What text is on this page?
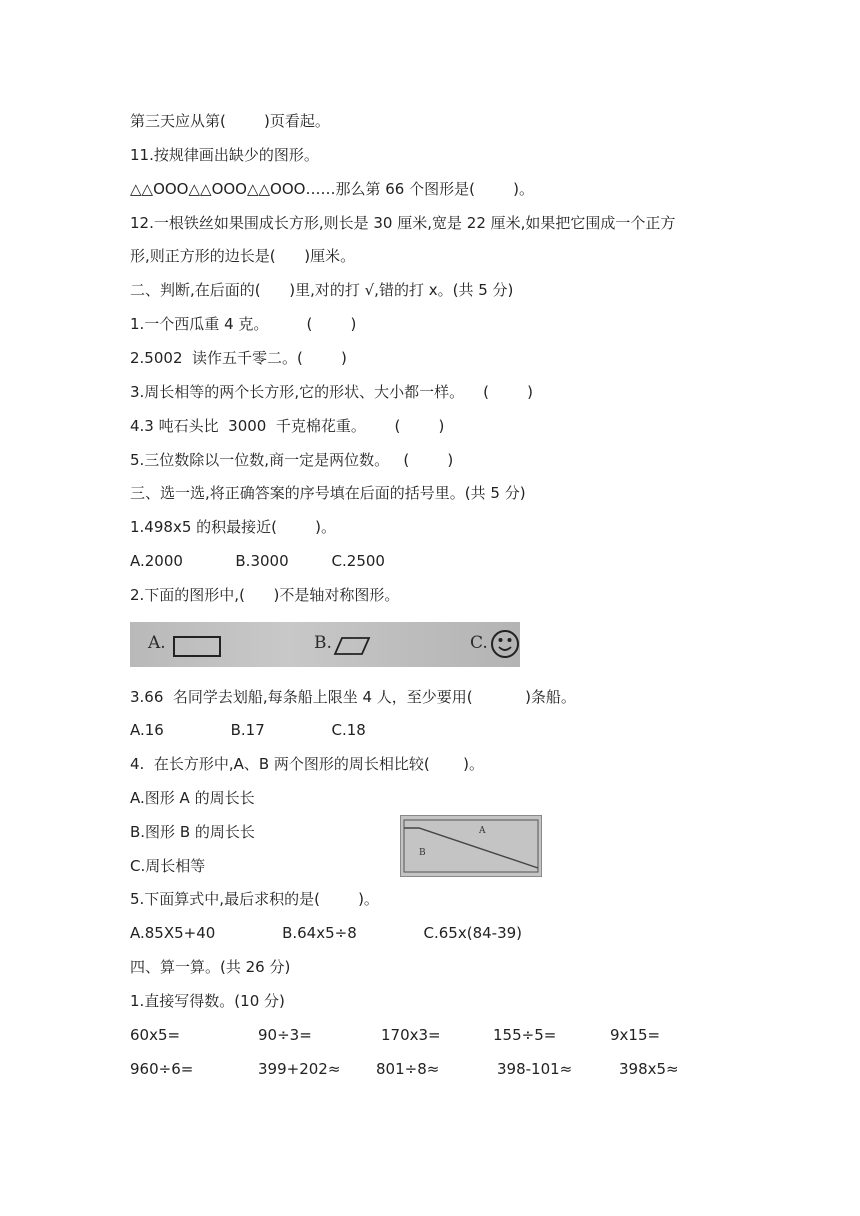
第三天应从第(        )页看起。
11.按规律画出缺少的图形。
△△OOO△△OOO△△OOO……那么第 66 个图形是(        )。
12.一根铁丝如果围成长方形,则长是 30 厘米,宽是 22 厘米,如果把它围成一个正方
形,则正方形的边长是(      )厘米。
二、判断,在后面的(      )里,对的打 √,错的打 x。(共 5 分)
1.一个西瓜重 4 克。        (        )
2.5002  读作五千零二。(        )
3.周长相等的两个长方形,它的形状、大小都一样。    (        )
4.3 吨石头比  3000  千克棉花重。      (        )
5.三位数除以一位数,商一定是两位数。   (        )
三、选一选,将正确答案的序号填在后面的括号里。(共 5 分)
1.498x5 的积最接近(        )。
A.2000           B.3000         C.2500
2.下面的图形中,(      )不是轴对称图形。
A.	B.	C.
3.66  名同学去划船,每条船上限坐 4 人，至少要用(           )条船。
A.16              B.17              C.18
4.  在长方形中,A、B 两个图形的周长相比较(       )。
A.图形 A 的周长长
B.图形 B 的周长长
C.周长相等
A
B
5.下面算式中,最后求积的是(        )。
A.85X5+40              B.64x5÷8              C.65x(84-39)
四、算一算。(共 26 分)
1.直接写得数。(10 分)
60x5=	90÷3=	170x3=	155÷5=	9x15=
960÷6=	399+202≈ 801÷8≈	398-101≈	398x5≈
